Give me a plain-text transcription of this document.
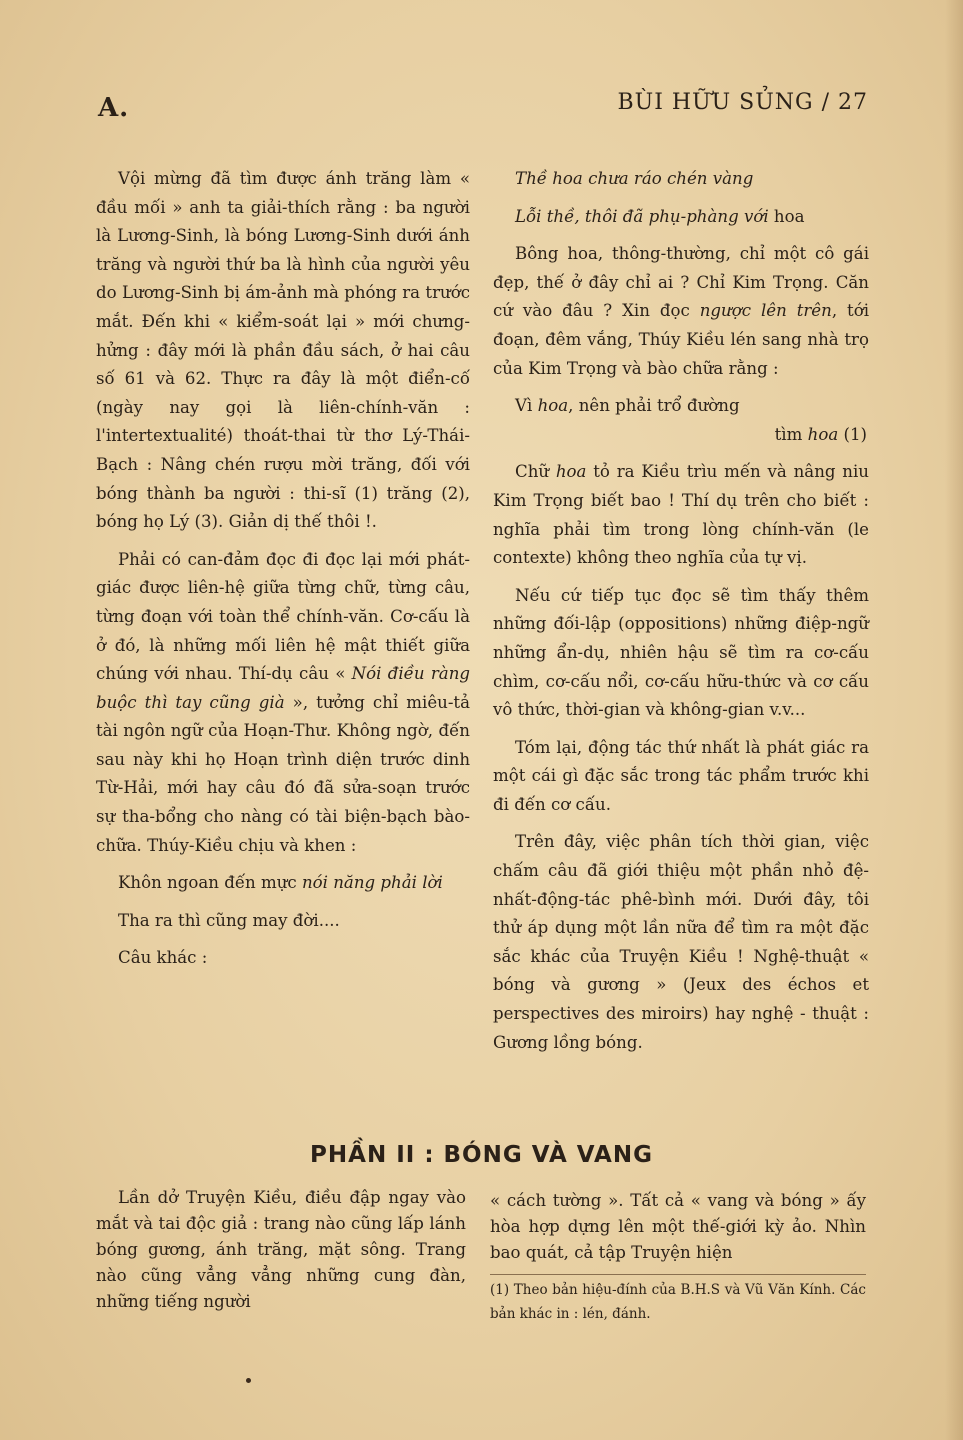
A.	BÙI HỮU SỦNG / 27

Vội mừng đã tìm được ánh trăng làm « đầu mối » anh ta giải-thích rằng : ba người là Lương-Sinh, là bóng Lương-Sinh dưới ánh trăng và người thứ ba là hình của người yêu do Lương-Sinh bị ám-ảnh mà phóng ra trước mắt. Đến khi « kiểm-soát lại » mới chưng-hửng : đây mới là phần đầu sách, ở hai câu số 61 và 62. Thực ra đây là một điển-cố (ngày nay gọi là liên-chính-văn : l'intertextualité) thoát-thai từ thơ Lý-Thái-Bạch : Nâng chén rượu mời trăng, đối với bóng thành ba người : thi-sĩ (1) trăng (2), bóng họ Lý (3). Giản dị thế thôi !.

Phải có can-đảm đọc đi đọc lại mới phát-giác được liên-hệ giữa từng chữ, từng câu, từng đoạn với toàn thể chính-văn. Cơ-cấu là ở đó, là những mối liên hệ mật thiết giữa chúng với nhau. Thí-dụ câu « Nói điều ràng buộc thì tay cũng già », tưởng chỉ miêu-tả tài ngôn ngữ của Hoạn-Thư. Không ngờ, đến sau này khi họ Hoạn trình diện trước dinh Từ-Hải, mới hay câu đó đã sửa-soạn trước sự tha-bổng cho nàng có tài biện-bạch bào-chữa. Thúy-Kiều chịu và khen :

Khôn ngoan đến mực nói năng phải lời

Tha ra thì cũng may đời....

Câu khác :

Thề hoa chưa ráo chén vàng

Lỗi thề, thôi đã phụ-phàng với hoa

Bông hoa, thông-thường, chỉ một cô gái đẹp, thế ở đây chỉ ai ? Chỉ Kim Trọng. Căn cứ vào đâu ? Xin đọc ngược lên trên, tới đoạn, đêm vắng, Thúy Kiều lén sang nhà trọ của Kim Trọng và bào chữa rằng :

Vì hoa, nên phải trổ đường

tìm hoa (1)

Chữ hoa tỏ ra Kiều trìu mến và nâng niu Kim Trọng biết bao ! Thí dụ trên cho biết : nghĩa phải tìm trong lòng chính-văn (le contexte) không theo nghĩa của tự vị.

Nếu cứ tiếp tục đọc sẽ tìm thấy thêm những đối-lập (oppositions) những điệp-ngữ những ẩn-dụ, nhiên hậu sẽ tìm ra cơ-cấu chìm, cơ-cấu nổi, cơ-cấu hữu-thức và cơ cấu vô thức, thời-gian và không-gian v.v...

Tóm lại, động tác thứ nhất là phát giác ra một cái gì đặc sắc trong tác phẩm trước khi đi đến cơ cấu.

Trên đây, việc phân tích thời gian, việc chấm câu đã giới thiệu một phần nhỏ đệ-nhất-động-tác phê-bình mới. Dưới đây, tôi thử áp dụng một lần nữa để tìm ra một đặc sắc khác của Truyện Kiều ! Nghệ-thuật « bóng và gương » (Jeux des échos et perspectives des miroirs) hay nghệ - thuật : Gương lồng bóng.

PHẦN II : BÓNG VÀ VANG

Lần dở Truyện Kiều, điều đập ngay vào mắt và tai độc giả : trang nào cũng lấp lánh bóng gương, ánh trăng, mặt sông. Trang nào cũng vẳng vẳng những cung đàn, những tiếng người

« cách tường ». Tất cả « vang và bóng » ấy hòa hợp dựng lên một thế-giới kỳ ảo. Nhìn bao quát, cả tập Truyện hiện

(1) Theo bản hiệu-đính của B.H.S và Vũ Văn Kính. Các bản khác in : lén, đánh.
